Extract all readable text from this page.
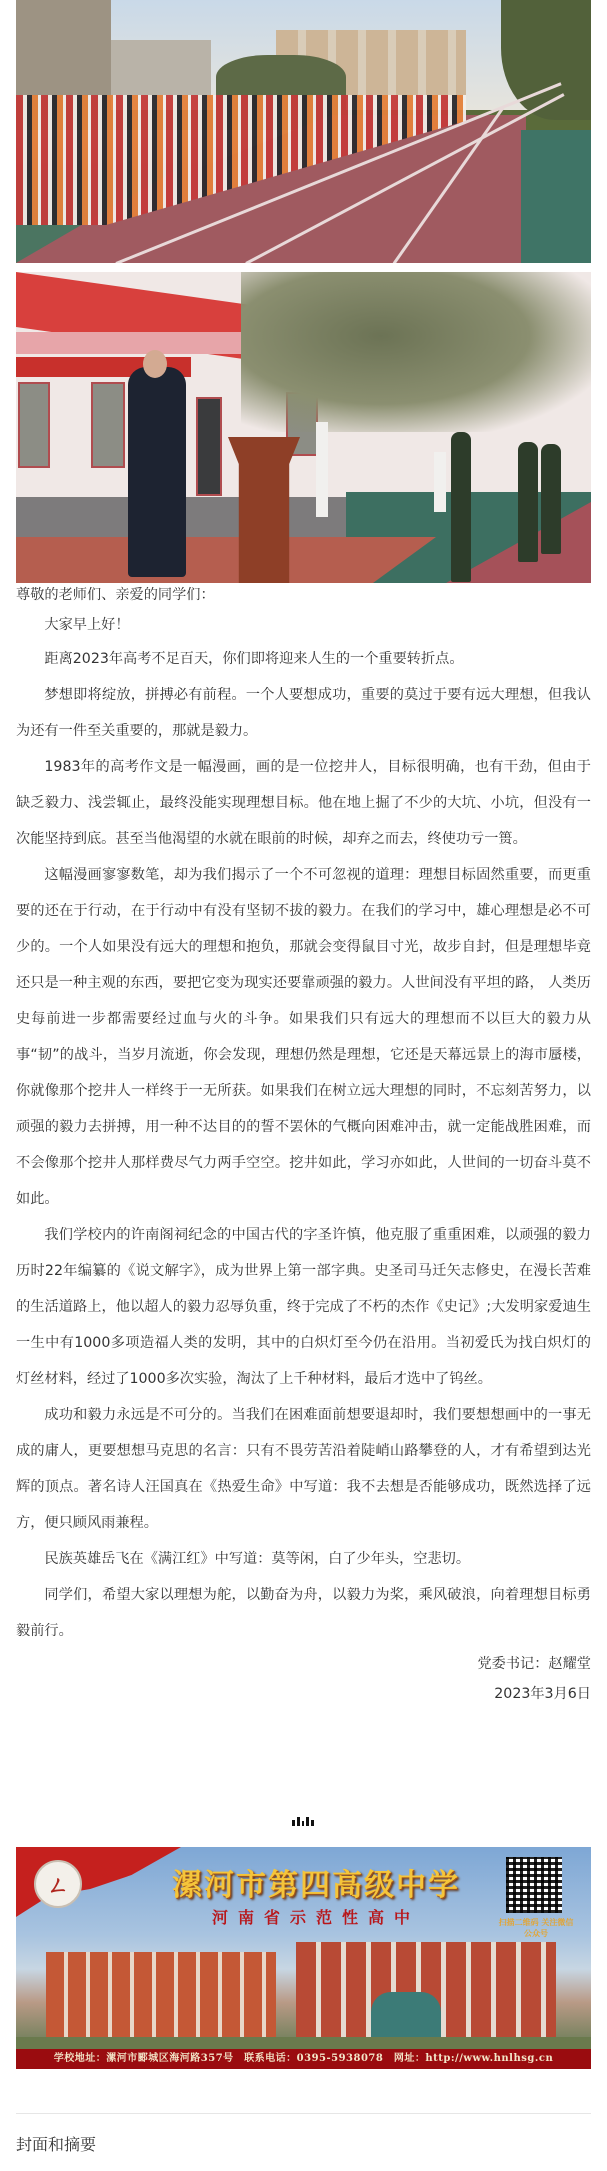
尊敬的老师们、亲爱的同学们：

大家早上好！

距离2023年高考不足百天，你们即将迎来人生的一个重要转折点。

梦想即将绽放，拼搏必有前程。一个人要想成功，重要的莫过于要有远大理想，但我认为还有一件至关重要的，那就是毅力。

1983年的高考作文是一幅漫画，画的是一位挖井人，目标很明确，也有干劲，但由于缺乏毅力、浅尝辄止，最终没能实现理想目标。他在地上掘了不少的大坑、小坑，但没有一次能坚持到底。甚至当他渴望的水就在眼前的时候，却弃之而去，终使功亏一篑。

这幅漫画寥寥数笔，却为我们揭示了一个不可忽视的道理：理想目标固然重要，而更重要的还在于行动，在于行动中有没有坚韧不拔的毅力。在我们的学习中，雄心理想是必不可少的。一个人如果没有远大的理想和抱负，那就会变得鼠目寸光，故步自封，但是理想毕竟还只是一种主观的东西，要把它变为现实还要靠顽强的毅力。人世间没有平坦的路， 人类历史每前进一步都需要经过血与火的斗争。如果我们只有远大的理想而不以巨大的毅力从事“韧”的战斗，当岁月流逝，你会发现，理想仍然是理想，它还是天幕远景上的海市蜃楼，你就像那个挖井人一样终于一无所获。如果我们在树立远大理想的同时，不忘刻苦努力，以顽强的毅力去拼搏，用一种不达目的的誓不罢休的气概向困难冲击，就一定能战胜困难，而不会像那个挖井人那样费尽气力两手空空。挖井如此，学习亦如此，人世间的一切奋斗莫不如此。

我们学校内的许南阁祠纪念的中国古代的字圣许慎，他克服了重重困难，以顽强的毅力历时22年编纂的《说文解字》，成为世界上第一部字典。史圣司马迁矢志修史，在漫长苦难的生活道路上，他以超人的毅力忍辱负重，终于完成了不朽的杰作《史记》;大发明家爱迪生一生中有1000多项造福人类的发明，其中的白炽灯至今仍在沿用。当初爱氏为找白炽灯的灯丝材料，经过了1000多次实验，淘汰了上千种材料，最后才选中了钨丝。

成功和毅力永远是不可分的。当我们在困难面前想要退却时，我们要想想画中的一事无成的庸人，更要想想马克思的名言：只有不畏劳苦沿着陡峭山路攀登的人，才有希望到达光辉的顶点。著名诗人汪国真在《热爱生命》中写道：我不去想是否能够成功，既然选择了远方，便只顾风雨兼程。

民族英雄岳飞在《满江红》中写道：莫等闲，白了少年头，空悲切。

同学们，希望大家以理想为舵，以勤奋为舟，以毅力为桨，乘风破浪，向着理想目标勇毅前行。

党委书记：赵耀堂

2023年3月6日

ㄥ	漯河市第四高级中学
河南省示范性高中	扫描二维码 关注微信公众号
学校地址：漯河市郾城区海河路357号　联系电话：0395-5938078　网址：http://www.hnlhsg.cn
封面和摘要
